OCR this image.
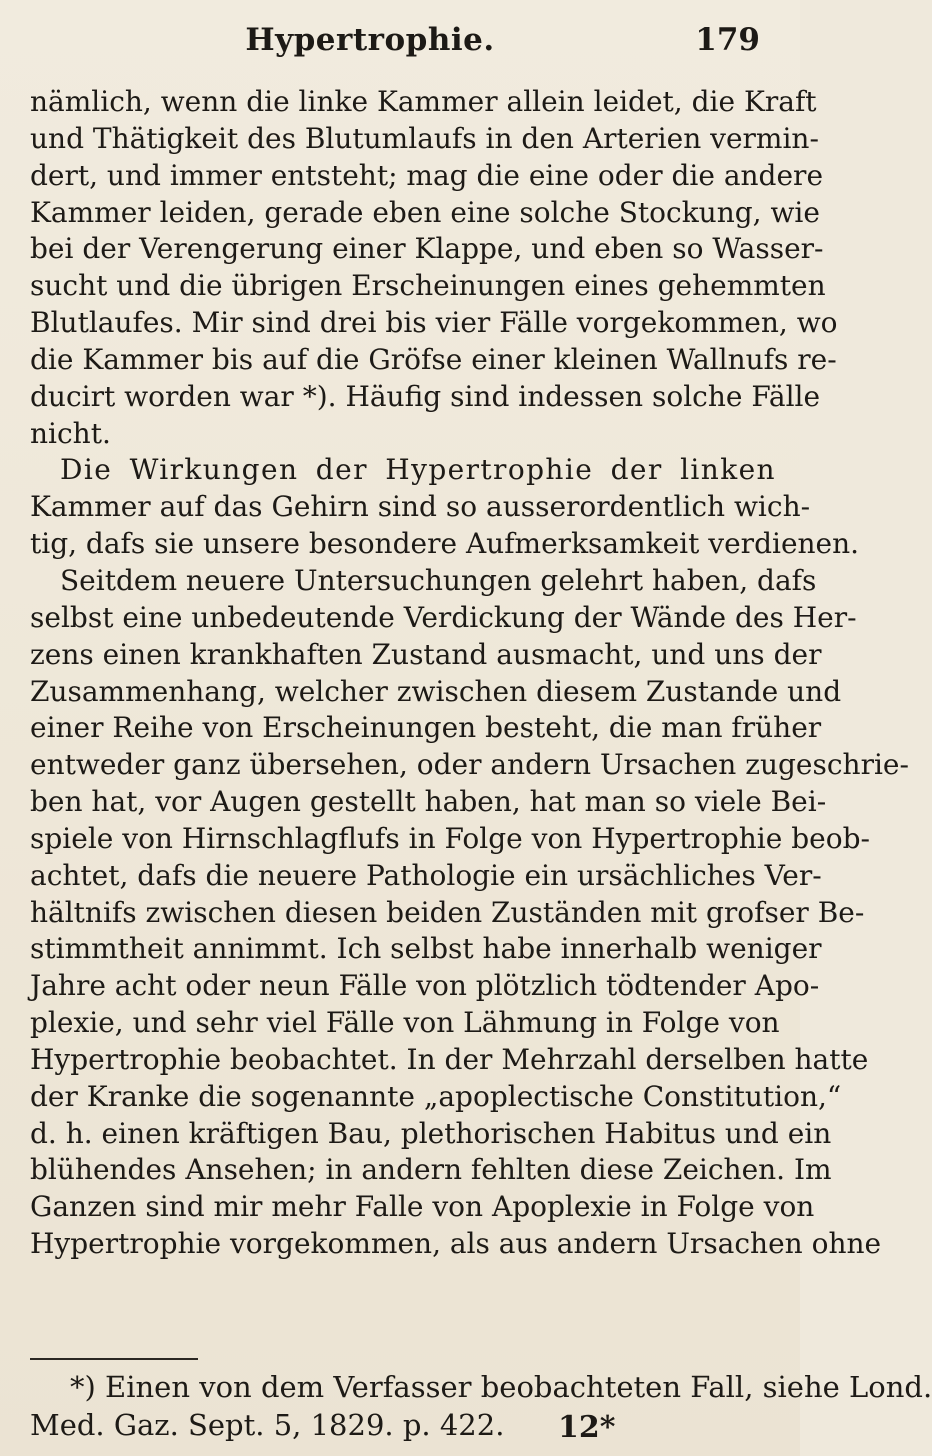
Hypertrophie.	179
nämlich, wenn die linke Kammer allein leidet, die Kraft
und Thätigkeit des Blutumlaufs in den Arterien vermin-
dert, und immer entsteht; mag die eine oder die andere
Kammer leiden, gerade eben eine solche Stockung, wie
bei der Verengerung einer Klappe, und eben so Wasser-
sucht und die übrigen Erscheinungen eines gehemmten
Blutlaufes. Mir sind drei bis vier Fälle vorgekommen, wo
die Kammer bis auf die Gröfse einer kleinen Wallnufs re-
ducirt worden war *). Häufig sind indessen solche Fälle
nicht.
Die Wirkungen der Hypertrophie der linken
Kammer auf das Gehirn sind so ausserordentlich wich-
tig, dafs sie unsere besondere Aufmerksamkeit verdienen.
Seitdem neuere Untersuchungen gelehrt haben, dafs
selbst eine unbedeutende Verdickung der Wände des Her-
zens einen krankhaften Zustand ausmacht, und uns der
Zusammenhang, welcher zwischen diesem Zustande und
einer Reihe von Erscheinungen besteht, die man früher
entweder ganz übersehen, oder andern Ursachen zugeschrie-
ben hat, vor Augen gestellt haben, hat man so viele Bei-
spiele von Hirnschlagflufs in Folge von Hypertrophie beob-
achtet, dafs die neuere Pathologie ein ursächliches Ver-
hältnifs zwischen diesen beiden Zuständen mit grofser Be-
stimmtheit annimmt. Ich selbst habe innerhalb weniger
Jahre acht oder neun Fälle von plötzlich tödtender Apo-
plexie, und sehr viel Fälle von Lähmung in Folge von
Hypertrophie beobachtet. In der Mehrzahl derselben hatte
der Kranke die sogenannte „apoplectische Constitution,“
d. h. einen kräftigen Bau, plethorischen Habitus und ein
blühendes Ansehen; in andern fehlten diese Zeichen. Im
Ganzen sind mir mehr Falle von Apoplexie in Folge von
Hypertrophie vorgekommen, als aus andern Ursachen ohne
*) Einen von dem Verfasser beobachteten Fall, siehe Lond.
Med. Gaz. Sept. 5, 1829. p. 422.	12*
